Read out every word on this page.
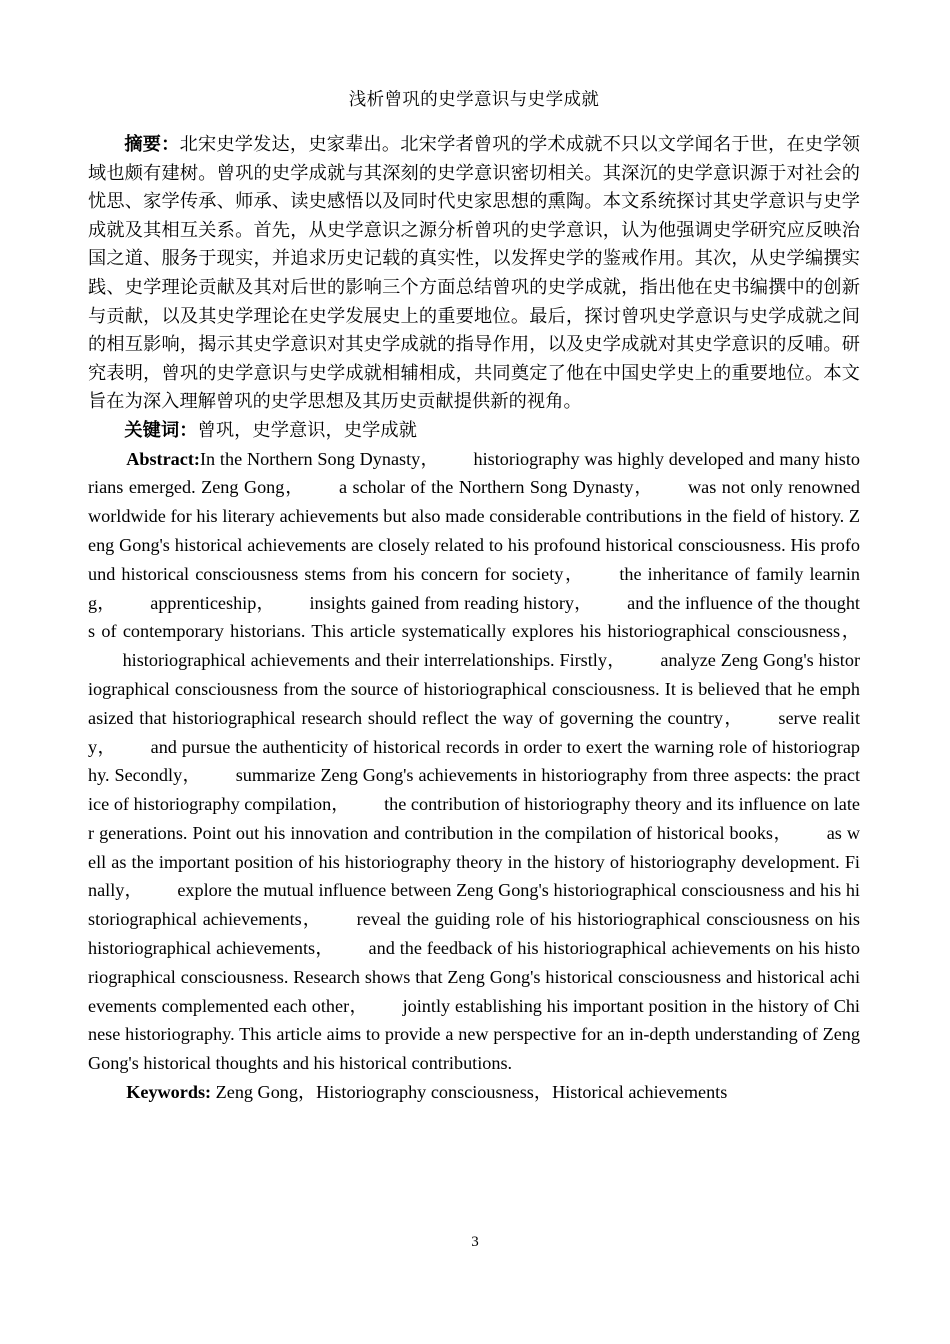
浅析曾巩的史学意识与史学成就

摘要：北宋史学发达，史家辈出。北宋学者曾巩的学术成就不只以文学闻名于世，在史学领域也颇有建树。曾巩的史学成就与其深刻的史学意识密切相关。其深沉的史学意识源于对社会的忧思、家学传承、师承、读史感悟以及同时代史家思想的熏陶。本文系统探讨其史学意识与史学成就及其相互关系。首先，从史学意识之源分析曾巩的史学意识，认为他强调史学研究应反映治国之道、服务于现实，并追求历史记载的真实性，以发挥史学的鉴戒作用。其次，从史学编撰实践、史学理论贡献及其对后世的影响三个方面总结曾巩的史学成就，指出他在史书编撰中的创新与贡献，以及其史学理论在史学发展史上的重要地位。最后，探讨曾巩史学意识与史学成就之间的相互影响，揭示其史学意识对其史学成就的指导作用，以及史学成就对其史学意识的反哺。研究表明，曾巩的史学意识与史学成就相辅相成，共同奠定了他在中国史学史上的重要地位。本文旨在为深入理解曾巩的史学思想及其历史贡献提供新的视角。

关键词：曾巩，史学意识，史学成就

Abstract:In the Northern Song Dynasty， historiography was highly developed and many historians emerged. Zeng Gong， a scholar of the Northern Song Dynasty， was not only renowned worldwide for his literary achievements but also made considerable contributions in the field of history. Zeng Gong's historical achievements are closely related to his profound historical consciousness. His profound historical consciousness stems from his concern for society， the inheritance of family learning， apprenticeship， insights gained from reading history， and the influence of the thoughts of contemporary historians. This article systematically explores his historiographical consciousness，historiographical achievements and their interrelationships. Firstly， analyze Zeng Gong's historiographical consciousness from the source of historiographical consciousness. It is believed that he emphasized that historiographical research should reflect the way of governing the country， serve reality， and pursue the authenticity of historical records in order to exert the warning role of historiography. Secondly， summarize Zeng Gong's achievements in historiography from three aspects: the practice of historiography compilation， the contribution of historiography theory and its influence on later generations. Point out his innovation and contribution in the compilation of historical books， as well as the important position of his historiography theory in the history of historiography development. Finally， explore the mutual influence between Zeng Gong's historiographical consciousness and his historiographical achievements， reveal the guiding role of his historiographical consciousness on his historiographical achievements， and the feedback of his historiographical achievements on his historiographical consciousness. Research shows that Zeng Gong's historical consciousness and historical achievements complemented each other， jointly establishing his important position in the history of Chinese historiography. This article aims to provide a new perspective for an in-depth understanding of Zeng Gong's historical thoughts and his historical contributions.

Keywords: Zeng Gong，Historiography consciousness，Historical achievements

3
